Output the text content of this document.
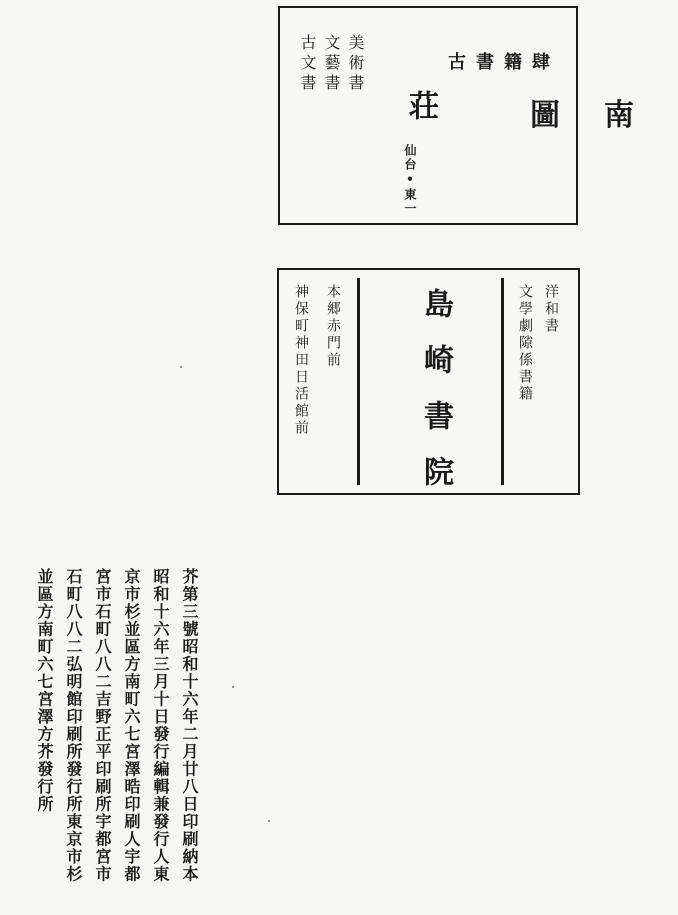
圖南
荘
古書籍肆
美術書
文藝書
古文書
仙台•東一
本郷赤門前
神保町神田日活館前	島崎書院	洋和書
文學劇𨻶係書籍
芥第三號昭和十六年二月廿八日印刷納本
昭和十六年三月十日發行編輯兼發行人東
京市杉並區方南町六七宮澤晧印刷人宇都
宮市石町八八二吉野正平印刷所宇都宮市
石町八八二弘明館印刷所發行所東京市杉
並區方南町六七宮澤方芥發行所
